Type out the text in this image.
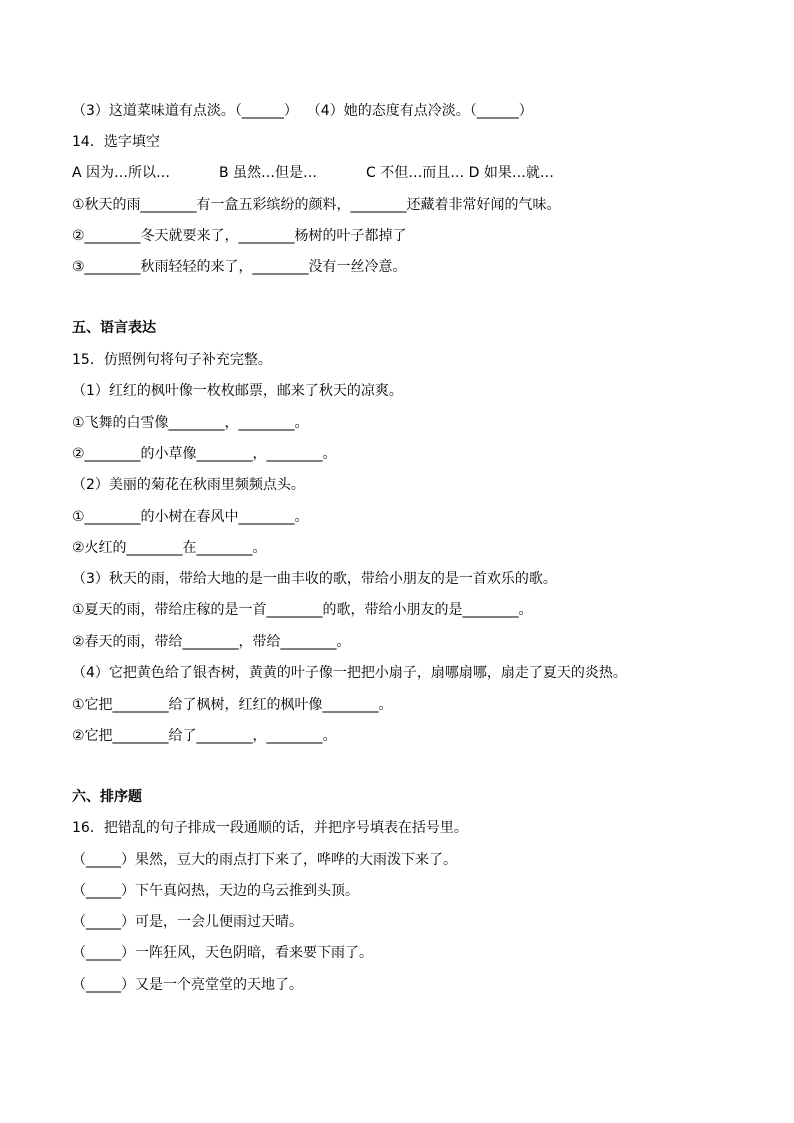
（3）这道菜味道有点淡。（______）  （4）她的态度有点冷淡。（______）
14．选字填空
A 因为…所以…           B 虽然…但是…           C 不但…而且… D 如果…就…
①秋天的雨________有一盒五彩缤纷的颜料，________还藏着非常好闻的气味。
②________冬天就要来了，________杨树的叶子都掉了
③________秋雨轻轻的来了，________没有一丝冷意。
五、语言表达
15．仿照例句将句子补充完整。
（1）红红的枫叶像一枚枚邮票，邮来了秋天的凉爽。
①飞舞的白雪像________，________。
②________的小草像________，________。
（2）美丽的菊花在秋雨里频频点头。
①________的小树在春风中________。
②火红的________在________。
（3）秋天的雨，带给大地的是一曲丰收的歌，带给小朋友的是一首欢乐的歌。
①夏天的雨，带给庄稼的是一首________的歌，带给小朋友的是________。
②春天的雨，带给________，带给________。
（4）它把黄色给了银杏树，黄黄的叶子像一把把小扇子，扇哪扇哪，扇走了夏天的炎热。
①它把________给了枫树，红红的枫叶像________。
②它把________给了________，________。
六、排序题
16．把错乱的句子排成一段通顺的话，并把序号填表在括号里。
（_____）果然，豆大的雨点打下来了，哗哗的大雨泼下来了。
（_____）下午真闷热，天边的乌云推到头顶。
（_____）可是，一会儿便雨过天晴。
（_____）一阵狂风，天色阴暗，看来要下雨了。
（_____）又是一个亮堂堂的天地了。
